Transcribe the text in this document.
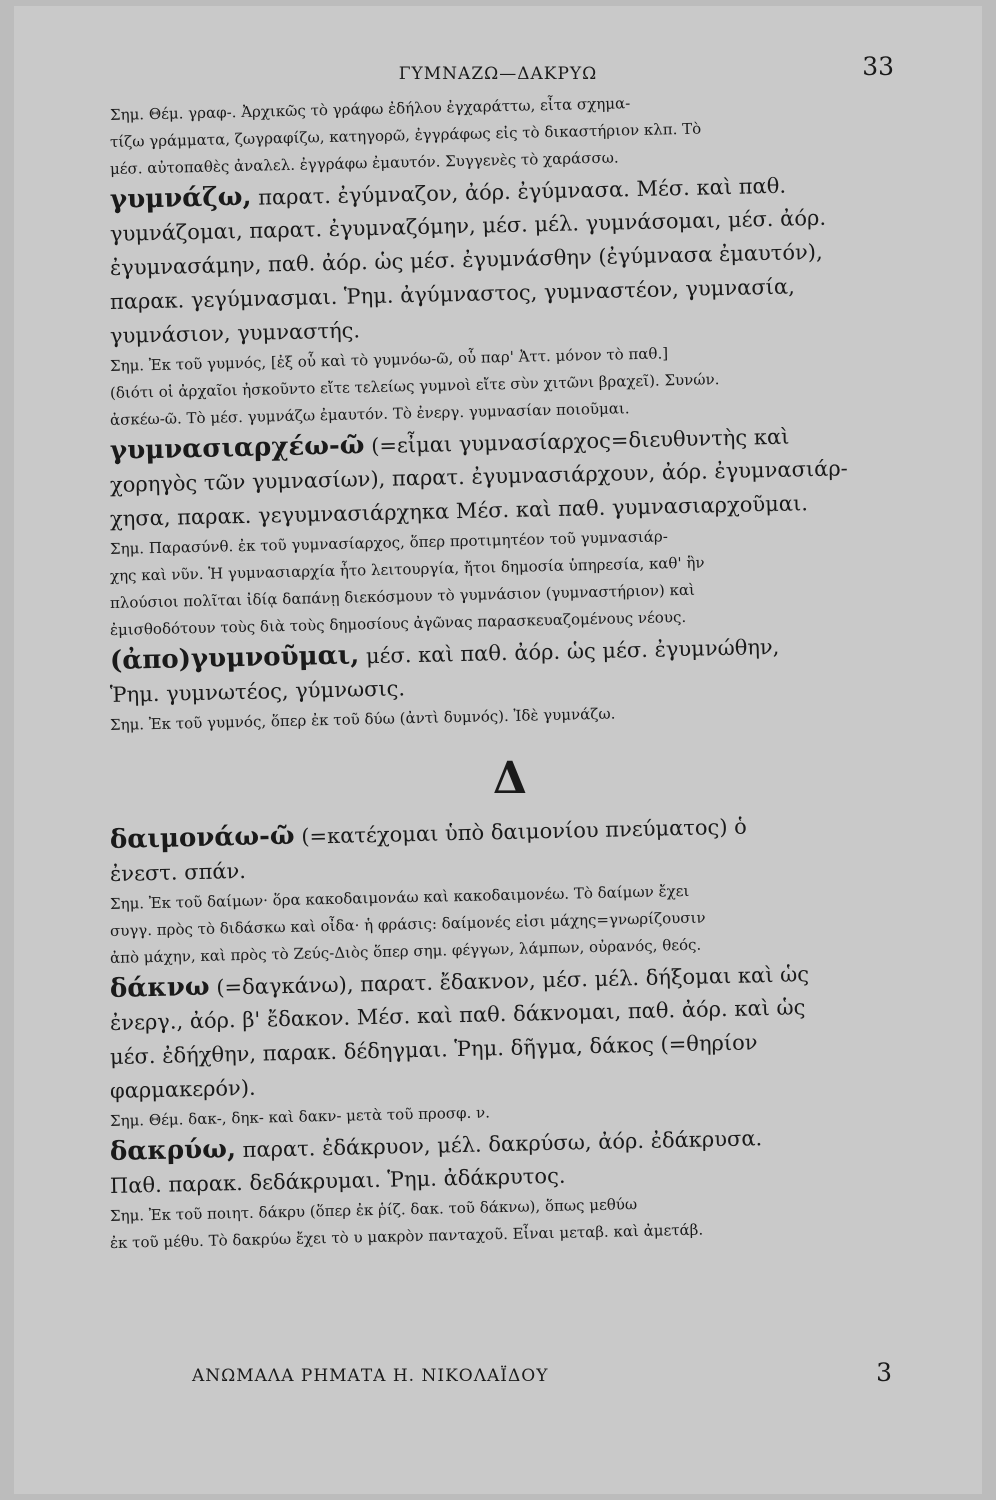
ΓΥΜΝΑΖΩ—ΔΑΚΡΥΩ	33
Σημ. Θέμ. γραφ-. Ἀρχικῶς τὸ γράφω ἐδήλου ἐγχαράττω, εἶτα σχημα-
τίζω γράμματα, ζωγραφίζω, κατηγορῶ, ἐγγράφως εἰς τὸ δικαστήριον κλπ. Τὸ
μέσ. αὐτοπαθὲς ἀναλελ. ἐγγράφω ἐμαυτόν. Συγγενὲς τὸ χαράσσω.
γυμνάζω, παρατ. ἐγύμναζον, ἀόρ. ἐγύμνασα. Μέσ. καὶ παθ.
γυμνάζομαι, παρατ. ἐγυμναζόμην, μέσ. μέλ. γυμνάσομαι, μέσ. ἀόρ.
ἐγυμνασάμην, παθ. ἀόρ. ὡς μέσ. ἐγυμνάσθην (ἐγύμνασα ἐμαυτόν),
παρακ. γεγύμνασμαι. Ῥημ. ἀγύμναστος, γυμναστέον, γυμνασία,
γυμνάσιον, γυμναστής.
Σημ. Ἐκ τοῦ γυμνός, [ἐξ οὗ καὶ τὸ γυμνόω-ῶ, οὗ παρ' Ἀττ. μόνον τὸ παθ.]
(διότι οἱ ἀρχαῖοι ἠσκοῦντο εἴτε τελείως γυμνοὶ εἴτε σὺν χιτῶνι βραχεῖ). Συνών.
ἀσκέω-ῶ. Τὸ μέσ. γυμνάζω ἐμαυτόν. Τὸ ἐνεργ. γυμνασίαν ποιοῦμαι.
γυμνασιαρχέω-ῶ (=εἶμαι γυμνασίαρχος=διευθυντὴς καὶ
χορηγὸς τῶν γυμνασίων), παρατ. ἐγυμνασιάρχουν, ἀόρ. ἐγυμνασιάρ-
χησα, παρακ. γεγυμνασιάρχηκα Μέσ. καὶ παθ. γυμνασιαρχοῦμαι.
Σημ. Παρασύνθ. ἐκ τοῦ γυμνασίαρχος, ὅπερ προτιμητέον τοῦ γυμνασιάρ-
χης καὶ νῦν. Ἡ γυμνασιαρχία ἦτο λειτουργία, ἤτοι δημοσία ὑπηρεσία, καθ' ἣν
πλούσιοι πολῖται ἰδίᾳ δαπάνῃ διεκόσμουν τὸ γυμνάσιον (γυμναστήριον) καὶ
ἐμισθοδότουν τοὺς διὰ τοὺς δημοσίους ἀγῶνας παρασκευαζομένους νέους.
(ἀπο)γυμνοῦμαι, μέσ. καὶ παθ. ἀόρ. ὡς μέσ. ἐγυμνώθην,
Ῥημ. γυμνωτέος, γύμνωσις.
Σημ. Ἐκ τοῦ γυμνός, ὅπερ ἐκ τοῦ δύω (ἀντὶ δυμνός). Ἰδὲ γυμνάζω.
Δ
δαιμονάω-ῶ (=κατέχομαι ὑπὸ δαιμονίου πνεύματος) ὁ
ἐνεστ. σπάν.
Σημ. Ἐκ τοῦ δαίμων· ὅρα κακοδαιμονάω καὶ κακοδαιμονέω. Τὸ δαίμων ἔχει
συγγ. πρὸς τὸ διδάσκω καὶ οἶδα· ἡ φράσις: δαίμονές εἰσι μάχης=γνωρίζουσιν
ἀπὸ μάχην, καὶ πρὸς τὸ Ζεύς-Διὸς ὅπερ σημ. φέγγων, λάμπων, οὐρανός, θεός.
δάκνω (=δαγκάνω), παρατ. ἔδακνον, μέσ. μέλ. δήξομαι καὶ ὡς
ἐνεργ., ἀόρ. β' ἔδακον. Μέσ. καὶ παθ. δάκνομαι, παθ. ἀόρ. καὶ ὡς
μέσ. ἐδήχθην, παρακ. δέδηγμαι. Ῥημ. δῆγμα, δάκος (=θηρίον
φαρμακερόν).
Σημ. Θέμ. δακ-, δηκ- καὶ δακν- μετὰ τοῦ προσφ. ν.
δακρύω, παρατ. ἐδάκρυον, μέλ. δακρύσω, ἀόρ. ἐδάκρυσα.
Παθ. παρακ. δεδάκρυμαι. Ῥημ. ἀδάκρυτος.
Σημ. Ἐκ τοῦ ποιητ. δάκρυ (ὅπερ ἐκ ῥίζ. δακ. τοῦ δάκνω), ὅπως μεθύω
ἐκ τοῦ μέθυ. Τὸ δακρύω ἔχει τὸ υ μακρὸν πανταχοῦ. Εἶναι μεταβ. καὶ ἀμετάβ.
ΑΝΩΜΑΛΑ ΡΗΜΑΤΑ Η. ΝΙΚΟΛΑΪΔΟΥ	3
